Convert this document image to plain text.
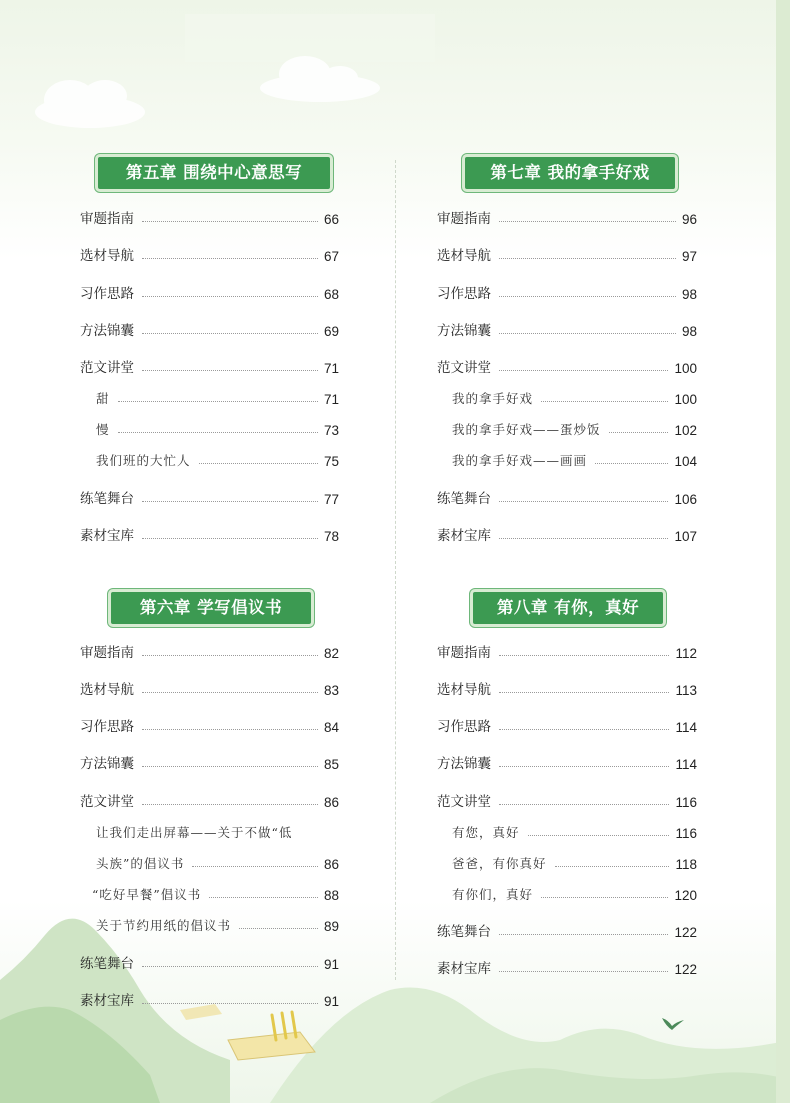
第五章 围绕中心意思写
审题指南	66
选材导航	67
习作思路	68
方法锦囊	69
范文讲堂	71
甜	71
慢	73
我们班的大忙人	75
练笔舞台	77
素材宝库	78
第六章 学写倡议书
审题指南	82
选材导航	83
习作思路	84
方法锦囊	85
范文讲堂	86
让我们走出屏幕——关于不做“低
头族”的倡议书	86
“吃好早餐”倡议书	88
关于节约用纸的倡议书	89
练笔舞台	91
素材宝库	91
第七章 我的拿手好戏
审题指南	96
选材导航	97
习作思路	98
方法锦囊	98
范文讲堂	100
我的拿手好戏	100
我的拿手好戏——蛋炒饭	102
我的拿手好戏——画画	104
练笔舞台	106
素材宝库	107
第八章 有你，真好
审题指南	112
选材导航	113
习作思路	114
方法锦囊	114
范文讲堂	116
有您，真好	116
爸爸，有你真好	118
有你们，真好	120
练笔舞台	122
素材宝库	122
